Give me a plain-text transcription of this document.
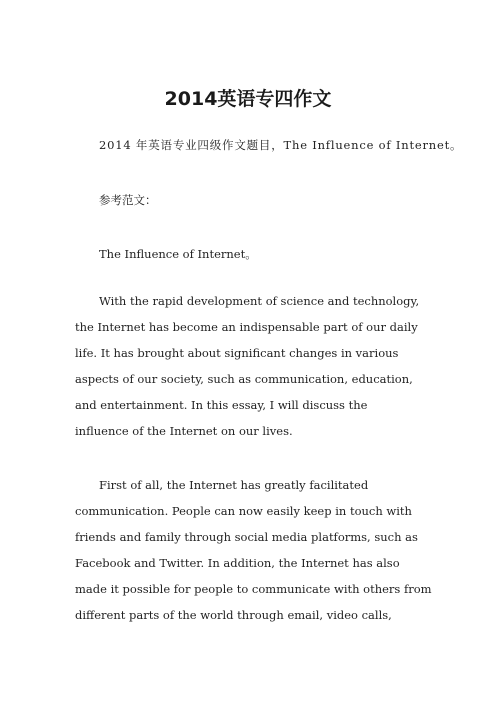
2014英语专四作文

2014 年英语专业四级作文题目，The Influence of Internet。

参考范文：

The Influence of Internet。

With the rapid development of science and technology,

the Internet has become an indispensable part of our daily

life. It has brought about significant changes in various

aspects of our society, such as communication, education,

and entertainment. In this essay, I will discuss the

influence of the Internet on our lives.

First of all, the Internet has greatly facilitated

communication. People can now easily keep in touch with

friends and family through social media platforms, such as

Facebook and Twitter. In addition, the Internet has also

made it possible for people to communicate with others from

different parts of the world through email, video calls,
